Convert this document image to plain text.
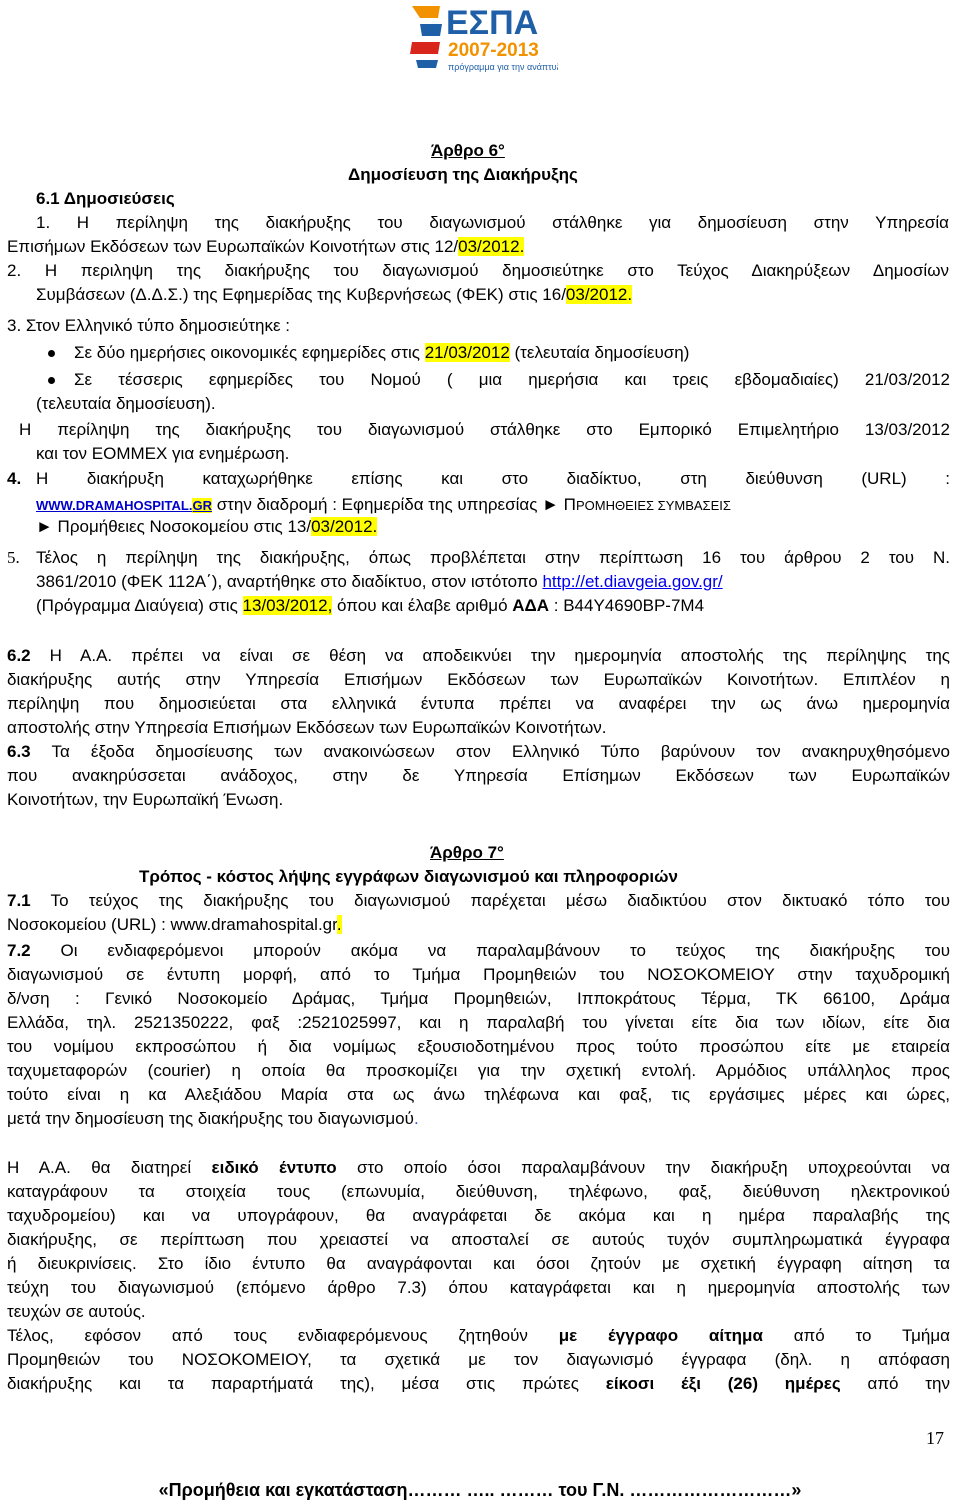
ΕΣΠΑ
2007-2013
πρόγραμμα για την ανάπτυξη
Άρθρο 6°
Δημοσίευση της Διακήρυξης
6.1 Δημοσιεύσεις
1. Η περίληψη της διακήρυξης του διαγωνισμού στάλθηκε για δημοσίευση στην Υπηρεσία
Επισήμων Εκδόσεων των Ευρωπαϊκών Κοινοτήτων στις 12/03/2012.
2. Η περιληψη της διακήρυξης του διαγωνισμού δημοσιεύτηκε στο Τεύχος Διακηρύξεων Δημοσίων
Συμβάσεων (Δ.Δ.Σ.) της Εφημερίδας της Κυβερνήσεως (ΦΕΚ) στις 16/03/2012.
3. Στον Ελληνικό τύπο δημοσιεύτηκε :
Σε δύο ημερήσιες οικονομικές εφημερίδες στις 21/03/2012 (τελευταία δημοσίευση)
Σε τέσσερις εφημερίδες του Νομού ( μια ημερήσια και τρεις εβδομαδιαίες) 21/03/2012
(τελευταία δημοσίευση).
Η περίληψη της διακήρυξης του διαγωνισμού στάλθηκε στο Εμπορικό Επιμελητήριο 13/03/2012
και τον ΕΟΜΜΕΧ για ενημέρωση.
4. Η διακήρυξη καταχωρήθηκε επίσης και στο διαδίκτυο, στη διεύθυνση (URL) :
WWW.DRAMAHOSPITAL.GR στην διαδρομή : Εφημερίδα της υπηρεσίας ► ΠΡΟΜΗΘΕΙΕΣ ΣΥΜΒΑΣΕΙΣ
► Προμήθειες Νοσοκομείου στις 13/03/2012.
5. Τέλος η περίληψη της διακήρυξης, όπως προβλέπεται στην περίπτωση 16 του άρθρου 2 του Ν.
3861/2010 (ΦΕΚ 112Α΄), αναρτήθηκε στο διαδίκτυο, στον ιστότοπο http://et.diavgeia.gov.gr/
(Πρόγραμμα Διαύγεια) στις 13/03/2012, όπου και έλαβε αριθμό ΑΔΑ : Β44Υ4690ΒΡ-7Μ4
6.2 Η Α.Α. πρέπει να είναι σε θέση να αποδεικνύει την ημερομηνία αποστολής της περίληψης της
διακήρυξης αυτής στην Υπηρεσία Επισήμων Εκδόσεων των Ευρωπαϊκών Κοινοτήτων. Επιπλέον η
περίληψη που δημοσιεύεται στα ελληνικά έντυπα πρέπει να αναφέρει την ως άνω ημερομηνία
αποστολής στην Υπηρεσία Επισήμων Εκδόσεων των Ευρωπαϊκών Κοινοτήτων.
6.3 Τα έξοδα δημοσίευσης των ανακοινώσεων στον Ελληνικό Τύπο βαρύνουν τον ανακηρυχθησόμενο
που ανακηρύσσεται ανάδοχος, στην δε Υπηρεσία Επίσημων Εκδόσεων των Ευρωπαϊκών
Κοινοτήτων, την Ευρωπαϊκή Ένωση.
Άρθρο 7°
Τρόπος - κόστος λήψης εγγράφων διαγωνισμού και πληροφοριών
7.1 Το τεύχος της διακήρυξης του διαγωνισμού παρέχεται μέσω διαδικτύου στον δικτυακό τόπο του
Νοσοκομείου (URL) : www.dramahospital.gr.
7.2 Οι ενδιαφερόμενοι μπορούν ακόμα να παραλαμβάνουν το τεύχος της διακήρυξης του
διαγωνισμού σε έντυπη μορφή, από το Τμήμα Προμηθειών του ΝΟΣΟΚΟΜΕΙΟΥ στην ταχυδρομική
δ/νση : Γενικό Νοσοκομείο Δράμας, Τμήμα Προμηθειών, Ιπποκράτους Τέρμα, ΤΚ 66100, Δράμα
Ελλάδα, τηλ. 2521350222, φαξ :2521025997, και η παραλαβή του γίνεται είτε δια των ιδίων, είτε δια
του νομίμου εκπροσώπου ή δια νομίμως εξουσιοδοτημένου προς τούτο προσώπου είτε με εταιρεία
ταχυμεταφορών (courier) η οποία θα προσκομίζει για την σχετική εντολή. Αρμόδιος υπάλληλος προς
τούτο είναι η κα Αλεξιάδου Μαρία στα ως άνω τηλέφωνα και φαξ, τις εργάσιμες μέρες και ώρες,
μετά την δημοσίευση της διακήρυξης του διαγωνισμού.
Η Α.Α. θα διατηρεί ειδικό έντυπο στο οποίο όσοι παραλαμβάνουν την διακήρυξη υποχρεούνται να
καταγράφουν τα στοιχεία τους (επωνυμία, διεύθυνση, τηλέφωνο, φαξ, διεύθυνση ηλεκτρονικού
ταχυδρομείου) και να υπογράφουν, θα αναγράφεται δε ακόμα και η ημέρα παραλαβής της
διακήρυξης, σε περίπτωση που χρειαστεί να αποσταλεί σε αυτούς τυχόν συμπληρωματικά έγγραφα
ή διευκρινίσεις. Στο ίδιο έντυπο θα αναγράφονται και όσοι ζητούν με σχετική έγγραφη αίτηση τα
τεύχη του διαγωνισμού (επόμενο άρθρο 7.3) όπου καταγράφεται και η ημερομηνία αποστολής των
τευχών σε αυτούς.
Τέλος, εφόσον από τους ενδιαφερόμενους ζητηθούν με έγγραφο αίτημα από το Τμήμα
Προμηθειών του ΝΟΣΟΚΟΜΕΙΟΥ, τα σχετικά με τον διαγωνισμό έγγραφα (δηλ. η απόφαση
διακήρυξης και τα παραρτήματά της), μέσα στις πρώτες είκοσι έξι (26) ημέρες από την
17
«Προμήθεια και εγκατάσταση……… ….. ……… του Γ.Ν. ………………………»
